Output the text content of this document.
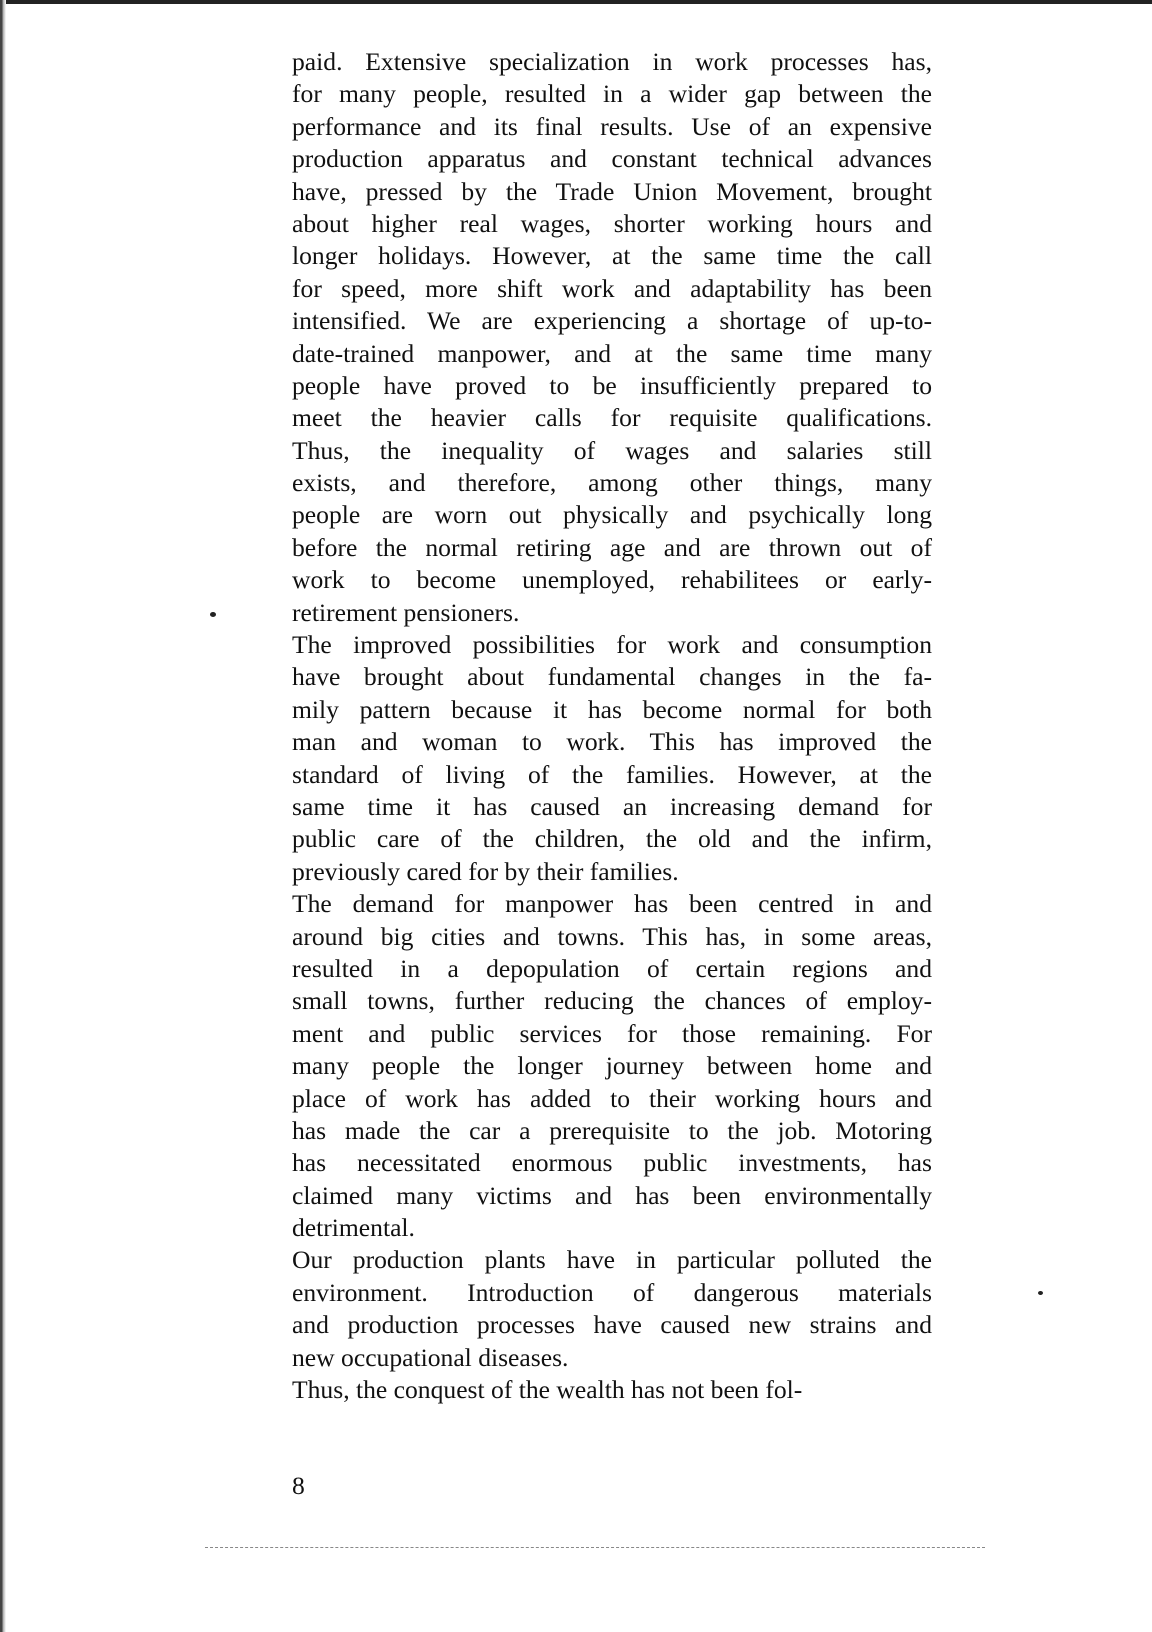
paid. Extensive specialization in work processes has,
for many people, resulted in a wider gap between the
performance and its final results. Use of an expensive
production apparatus and constant technical advances
have, pressed by the Trade Union Movement, brought
about higher real wages, shorter working hours and
longer holidays. However, at the same time the call
for speed, more shift work and adaptability has been
intensified. We are experiencing a shortage of up-to-
date-trained manpower, and at the same time many
people have proved to be insufficiently prepared to
meet the heavier calls for requisite qualifications.
Thus, the inequality of wages and salaries still
exists, and therefore, among other things, many
people are worn out physically and psychically long
before the normal retiring age and are thrown out of
work to become unemployed, rehabilitees or early-
retirement pensioners.
The improved possibilities for work and consumption
have brought about fundamental changes in the fa-
mily pattern because it has become normal for both
man and woman to work. This has improved the
standard of living of the families. However, at the
same time it has caused an increasing demand for
public care of the children, the old and the infirm,
previously cared for by their families.
The demand for manpower has been centred in and
around big cities and towns. This has, in some areas,
resulted in a depopulation of certain regions and
small towns, further reducing the chances of employ-
ment and public services for those remaining. For
many people the longer journey between home and
place of work has added to their working hours and
has made the car a prerequisite to the job. Motoring
has necessitated enormous public investments, has
claimed many victims and has been environmentally
detrimental.
Our production plants have in particular polluted the
environment. Introduction of dangerous materials
and production processes have caused new strains and
new occupational diseases.
Thus, the conquest of the wealth has not been fol-
8
